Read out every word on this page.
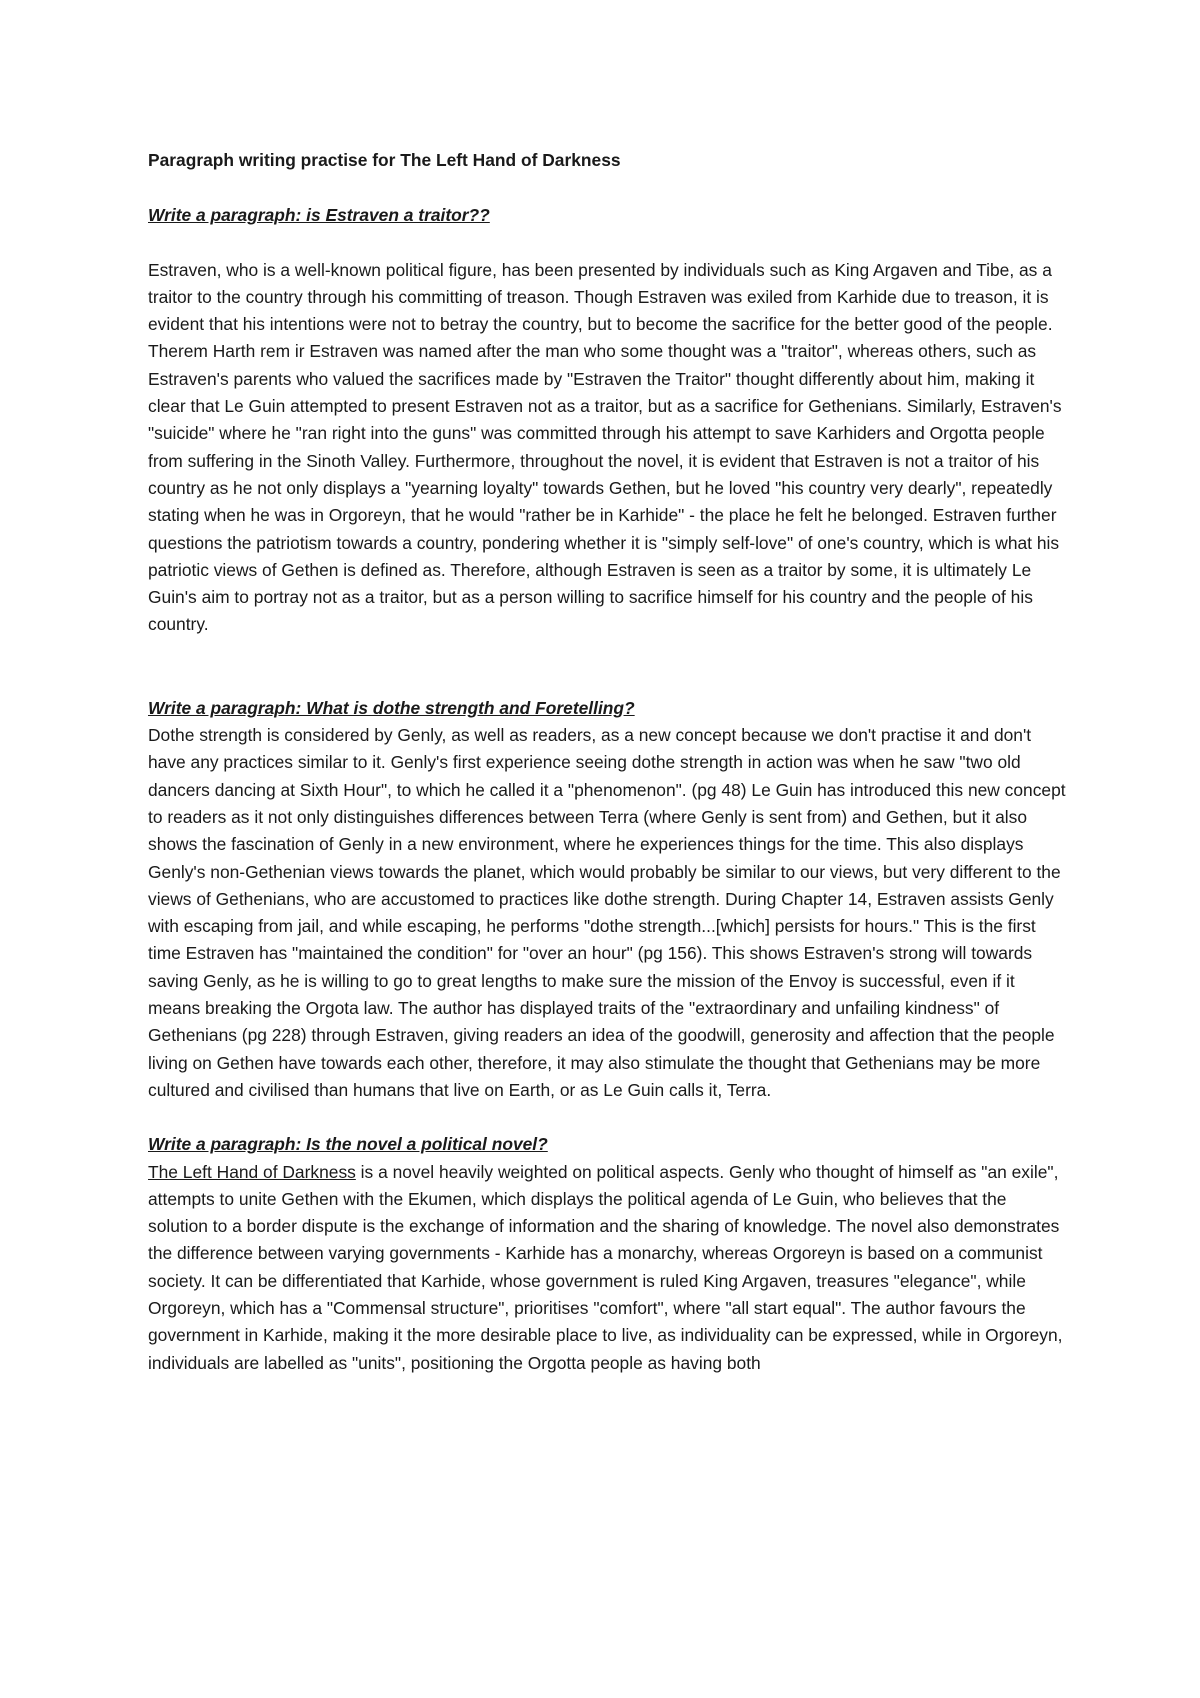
Paragraph writing practise for The Left Hand of Darkness

Write a paragraph: is Estraven a traitor??

Estraven, who is a well-known political figure, has been presented by individuals such as King Argaven and Tibe, as a traitor to the country through his committing of treason. Though Estraven was exiled from Karhide due to treason, it is evident that his intentions were not to betray the country, but to become the sacrifice for the better good of the people. Therem Harth rem ir Estraven was named after the man who some thought was a "traitor", whereas others, such as Estraven's parents who valued the sacrifices made by "Estraven the Traitor" thought differently about him, making it clear that Le Guin attempted to present Estraven not as a traitor, but as a sacrifice for Gethenians. Similarly, Estraven's "suicide" where he "ran right into the guns" was committed through his attempt to save Karhiders and Orgotta people from suffering in the Sinoth Valley. Furthermore, throughout the novel, it is evident that Estraven is not a traitor of his country as he not only displays a "yearning loyalty" towards Gethen, but he loved "his country very dearly", repeatedly stating when he was in Orgoreyn, that he would "rather be in Karhide" - the place he felt he belonged. Estraven further questions the patriotism towards a country, pondering whether it is "simply self-love" of one's country, which is what his patriotic views of Gethen is defined as. Therefore, although Estraven is seen as a traitor by some, it is ultimately Le Guin's aim to portray not as a traitor, but as a person willing to sacrifice himself for his country and the people of his country.

Write a paragraph: What is dothe strength and Foretelling?

Dothe strength is considered by Genly, as well as readers, as a new concept because we don't practise it and don't have any practices similar to it. Genly's first experience seeing dothe strength in action was when he saw "two old dancers dancing at Sixth Hour", to which he called it a "phenomenon". (pg 48) Le Guin has introduced this new concept to readers as it not only distinguishes differences between Terra (where Genly is sent from) and Gethen, but it also shows the fascination of Genly in a new environment, where he experiences things for the time. This also displays Genly's non-Gethenian views towards the planet, which would probably be similar to our views, but very different to the views of Gethenians, who are accustomed to practices like dothe strength. During Chapter 14, Estraven assists Genly with escaping from jail, and while escaping, he performs "dothe strength...[which] persists for hours." This is the first time Estraven has "maintained the condition" for "over an hour" (pg 156). This shows Estraven's strong will towards saving Genly, as he is willing to go to great lengths to make sure the mission of the Envoy is successful, even if it means breaking the Orgota law. The author has displayed traits of the "extraordinary and unfailing kindness" of Gethenians (pg 228) through Estraven, giving readers an idea of the goodwill, generosity and affection that the people living on Gethen have towards each other, therefore, it may also stimulate the thought that Gethenians may be more cultured and civilised than humans that live on Earth, or as Le Guin calls it, Terra.

Write a paragraph: Is the novel a political novel?

The Left Hand of Darkness is a novel heavily weighted on political aspects. Genly who thought of himself as "an exile", attempts to unite Gethen with the Ekumen, which displays the political agenda of Le Guin, who believes that the solution to a border dispute is the exchange of information and the sharing of knowledge. The novel also demonstrates the difference between varying governments - Karhide has a monarchy, whereas Orgoreyn is based on a communist society. It can be differentiated that Karhide, whose government is ruled King Argaven, treasures "elegance", while Orgoreyn, which has a "Commensal structure", prioritises "comfort", where "all start equal". The author favours the government in Karhide, making it the more desirable place to live, as individuality can be expressed, while in Orgoreyn, individuals are labelled as "units", positioning the Orgotta people as having both
